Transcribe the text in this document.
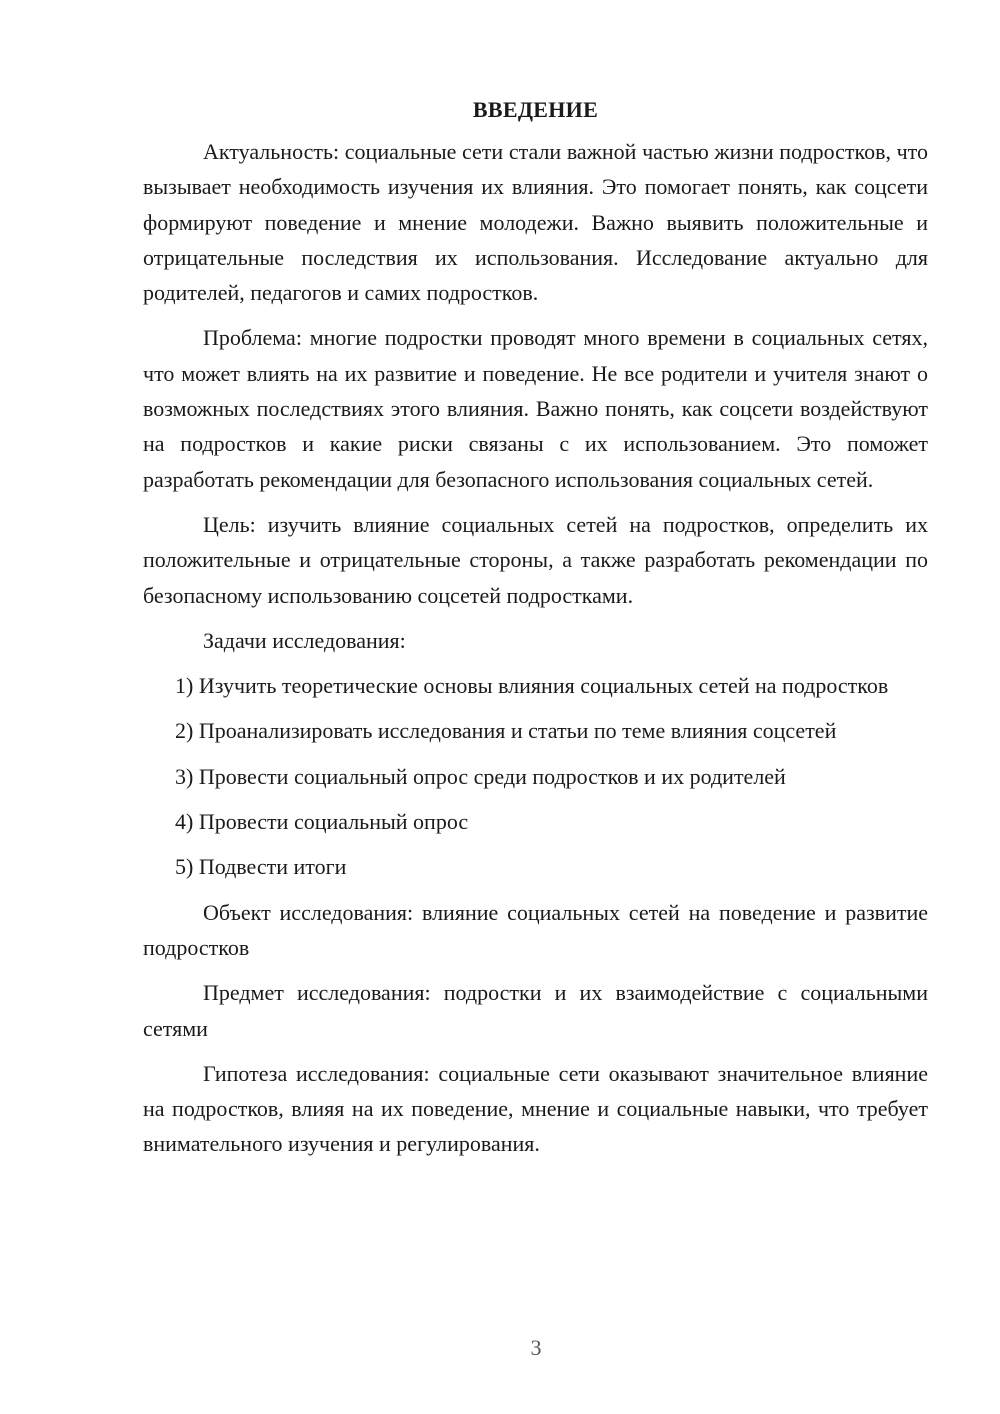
ВВЕДЕНИЕ

Актуальность: социальные сети стали важной частью жизни подростков, что вызывает необходимость изучения их влияния. Это помогает понять, как соцсети формируют поведение и мнение молодежи. Важно выявить положительные и отрицательные последствия их использования. Исследование актуально для родителей, педагогов и самих подростков.

Проблема: многие подростки проводят много времени в социальных сетях, что может влиять на их развитие и поведение. Не все родители и учителя знают о возможных последствиях этого влияния. Важно понять, как соцсети воздействуют на подростков и какие риски связаны с их использованием. Это поможет разработать рекомендации для безопасного использования социальных сетей.

Цель: изучить влияние социальных сетей на подростков, определить их положительные и отрицательные стороны, а также разработать рекомендации по безопасному использованию соцсетей подростками.

Задачи исследования:

1) Изучить теоретические основы влияния социальных сетей на подростков

2) Проанализировать исследования и статьи по теме влияния соцсетей

3) Провести социальный опрос среди подростков и их родителей

4) Провести социальный опрос

5) Подвести итоги

Объект исследования: влияние социальных сетей на поведение и развитие подростков

Предмет исследования: подростки и их взаимодействие с социальными сетями

Гипотеза исследования: социальные сети оказывают значительное влияние на подростков, влияя на их поведение, мнение и социальные навыки, что требует внимательного изучения и регулирования.

3
